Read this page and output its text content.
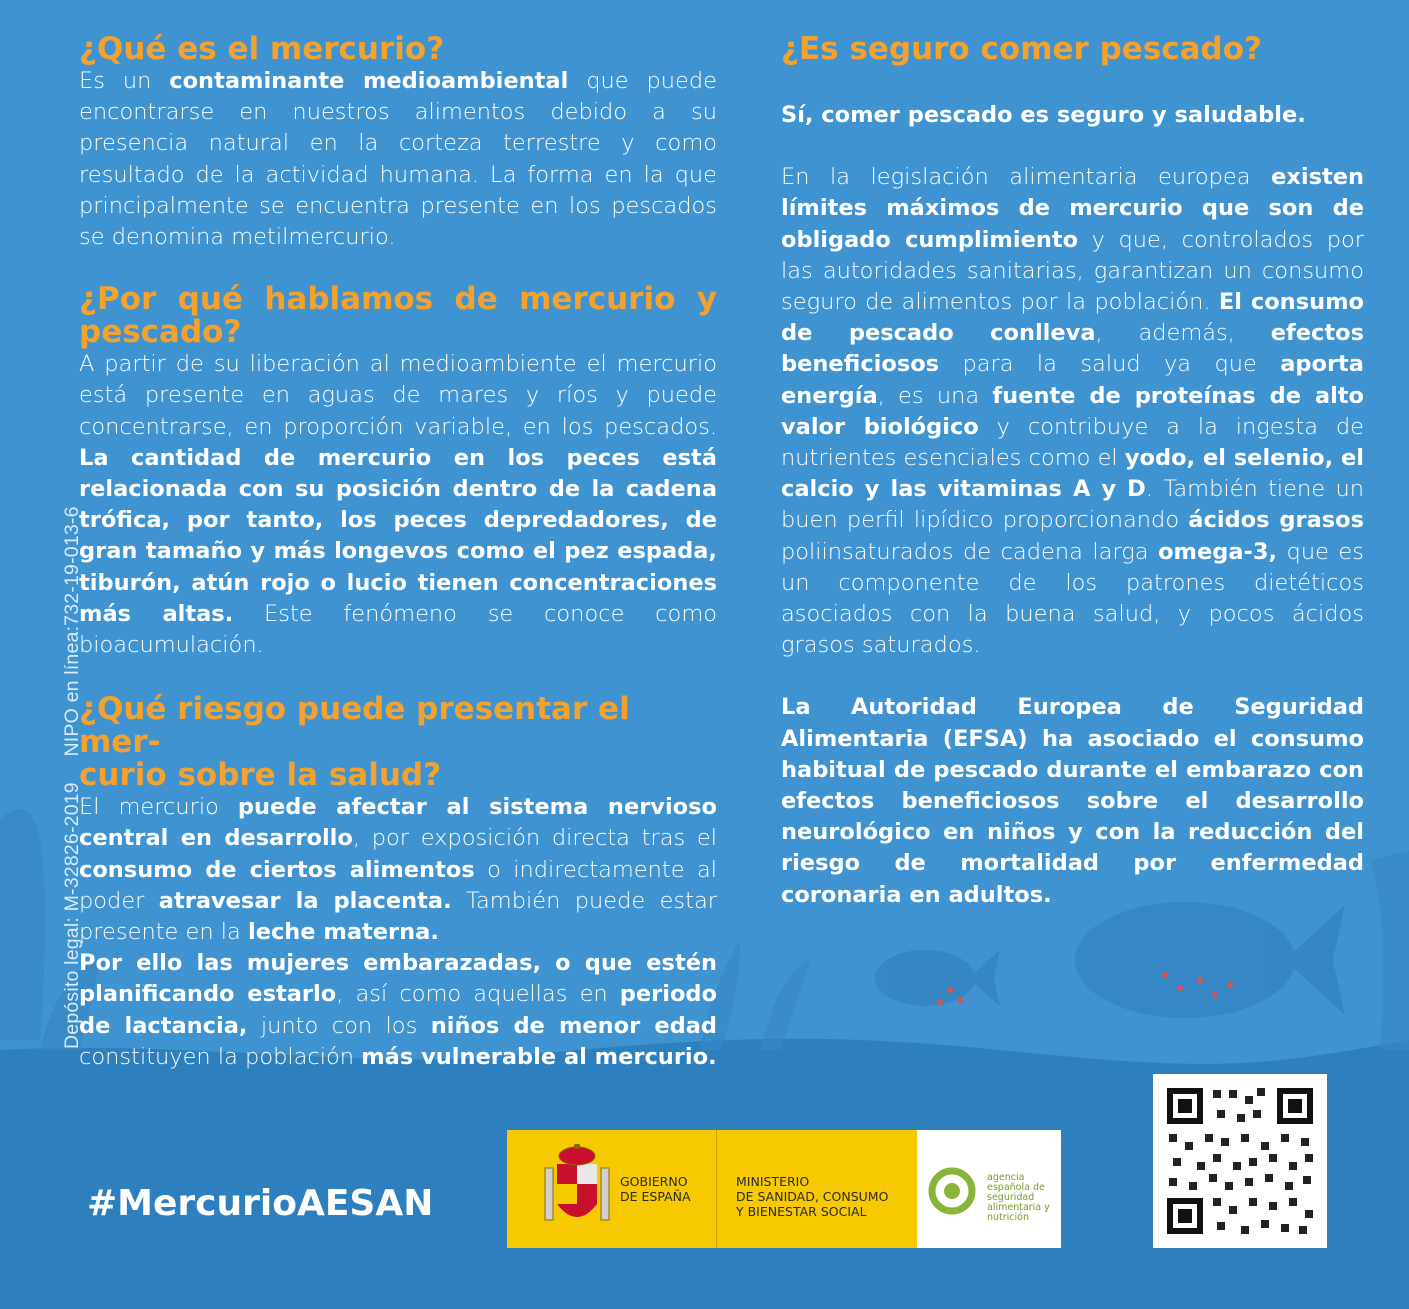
Depósito legal: M-32826-2019 NIPO en línea:732-19-013-6
¿Qué es el mercurio?

Es un contaminante medioambiental que puede encontrarse en nuestros alimentos debido a su presencia natural en la corteza terrestre y como resultado de la actividad humana. La forma en la que principalmente se encuentra presente en los pescados se denomina metilmercurio.

¿Por qué hablamos de mercurio y
pescado?

A partir de su liberación al medioambiente el mercurio está presente en aguas de mares y ríos y puede concentrarse, en proporción variable, en los pescados. La cantidad de mercurio en los peces está relacionada con su posición dentro de la cadena trófica, por tanto, los peces depredadores, de gran tamaño y más longevos como el pez espada, tiburón, atún rojo o lucio tienen concentraciones más altas. Este fenómeno se conoce como bioacumulación.

¿Qué riesgo puede presentar el mer-
curio sobre la salud?

El mercurio puede afectar al sistema nervioso central en desarrollo, por exposición directa tras el consumo de ciertos alimentos o indirectamente al poder atravesar la placenta. También puede estar presente en la leche materna.

Por ello las mujeres embarazadas, o que estén planificando estarlo, así como aquellas en periodo de lactancia, junto con los niños de menor edad constituyen la población más vulnerable al mercurio.

¿Es seguro comer pescado?

Sí, comer pescado es seguro y saludable.

En la legislación alimentaria europea existen límites máximos de mercurio que son de obligado cumplimiento y que, controlados por las autoridades sanitarias, garantizan un consumo seguro de alimentos por la población. El consumo de pescado conlleva, además, efectos beneficiosos para la salud ya que aporta energía, es una fuente de proteínas de alto valor biológico y contribuye a la ingesta de nutrientes esenciales como el yodo, el selenio, el calcio y las vitaminas A y D. También tiene un buen perfil lipídico proporcionando ácidos grasos poliinsaturados de cadena larga omega-3, que es un componente de los patrones dietéticos asociados con la buena salud, y pocos ácidos grasos saturados.

La Autoridad Europea de Seguridad Alimentaria (EFSA) ha asociado el consumo habitual de pescado durante el embarazo con efectos beneficiosos sobre el desarrollo neurológico en niños y con la reducción del riesgo de mortalidad por enfermedad coronaria en adultos.

#MercurioAESAN
GOBIERNO
DE ESPAÑA
MINISTERIO
DE SANIDAD, CONSUMO
Y BIENESTAR SOCIAL
agencia
española de
seguridad
alimentaria y
nutrición
